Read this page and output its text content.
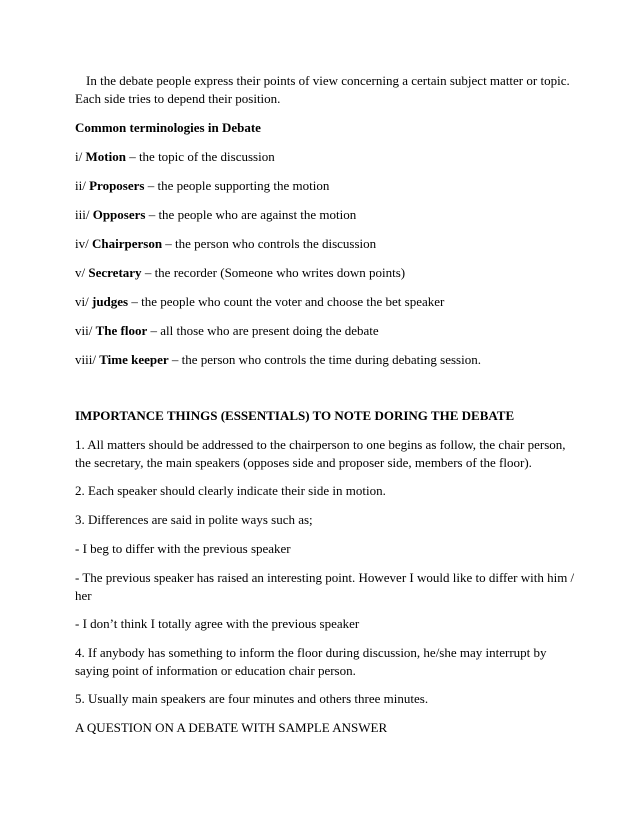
In the debate people express their points of view concerning a certain subject matter or topic.

Each side tries to depend their position.

Common terminologies in Debate

i/ Motion – the topic of the discussion

ii/ Proposers – the people supporting the motion

iii/ Opposers – the people who are against the motion

iv/ Chairperson – the person who controls the discussion

v/ Secretary – the recorder (Someone who writes down points)

vi/ judges – the people who count the voter and choose the bet speaker

vii/ The floor – all those who are present doing the debate

viii/ Time keeper – the person who controls the time during debating session.

IMPORTANCE THINGS (ESSENTIALS) TO NOTE DORING THE DEBATE

1. All matters should be addressed to the chairperson to one begins as follow, the chair person,

the secretary, the main speakers (opposes side and proposer side, members of the floor).

2. Each speaker should clearly indicate their side in motion.

3. Differences are said in polite ways such as;

- I beg to differ with the previous speaker

- The previous speaker has raised an interesting point. However I would like to differ with him /

her

- I don’t think I totally agree with the previous speaker

4. If anybody has something to inform the floor during discussion, he/she may interrupt by

saying point of information or education chair person.

5. Usually main speakers are four minutes and others three minutes.

A QUESTION ON A DEBATE WITH SAMPLE ANSWER
